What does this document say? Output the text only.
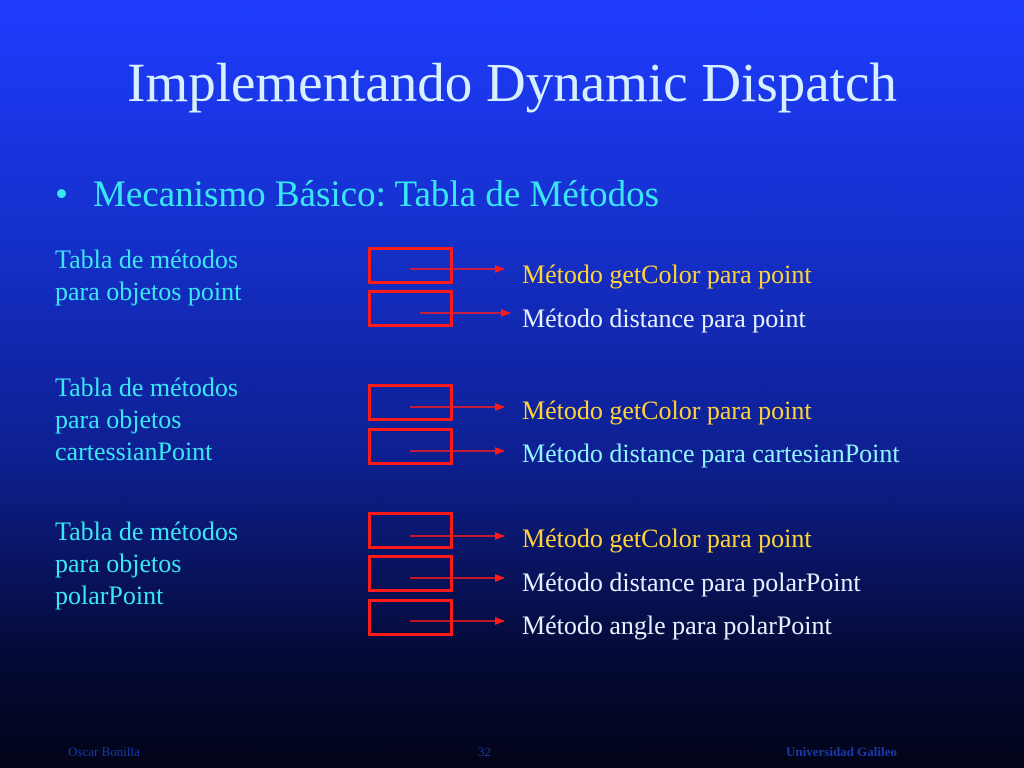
Implementando Dynamic Dispatch
• Mecanismo Básico: Tabla de Métodos
Tabla de métodos
para objetos point
Método getColor para point
Método distance para point
Tabla de métodos
para objetos
cartessianPoint
Método getColor para point
Método distance para cartesianPoint
Tabla de métodos
para objetos
polarPoint
Método getColor para point
Método distance para polarPoint
Método angle para polarPoint
Oscar Bonilla	32	Universidad Galileo
